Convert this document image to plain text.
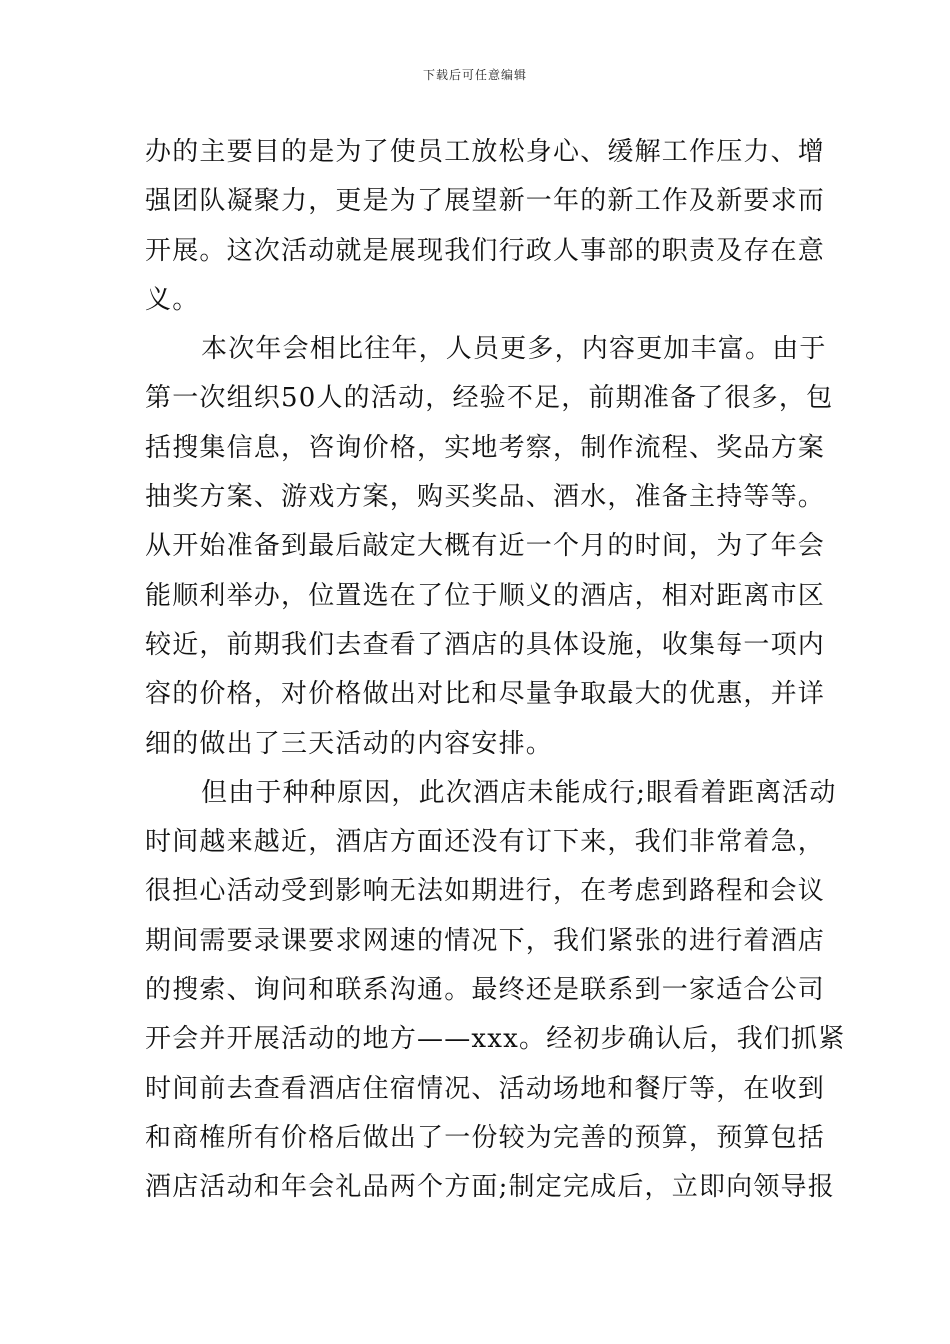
下载后可任意编辑
办的主要目的是为了使员工放松身心、缓解工作压力、增
强团队凝聚力，更是为了展望新一年的新工作及新要求而
开展。这次活动就是展现我们行政人事部的职责及存在意
义。
本次年会相比往年，人员更多，内容更加丰富。由于
第一次组织50人的活动，经验不足，前期准备了很多，包
括搜集信息，咨询价格，实地考察，制作流程、奖品方案
抽奖方案、游戏方案，购买奖品、酒水，准备主持等等。
从开始准备到最后敲定大概有近一个月的时间，为了年会
能顺利举办，位置选在了位于顺义的酒店，相对距离市区
较近，前期我们去查看了酒店的具体设施，收集每一项内
容的价格，对价格做出对比和尽量争取最大的优惠，并详
细的做出了三天活动的内容安排。
但由于种种原因，此次酒店未能成行;眼看着距离活动
时间越来越近，酒店方面还没有订下来，我们非常着急，
很担心活动受到影响无法如期进行，在考虑到路程和会议
期间需要录课要求网速的情况下，我们紧张的进行着酒店
的搜索、询问和联系沟通。最终还是联系到一家适合公司
开会并开展活动的地方——xxx。经初步确认后，我们抓紧
时间前去查看酒店住宿情况、活动场地和餐厅等，在收到
和商榷所有价格后做出了一份较为完善的预算，预算包括
酒店活动和年会礼品两个方面;制定完成后，立即向领导报
